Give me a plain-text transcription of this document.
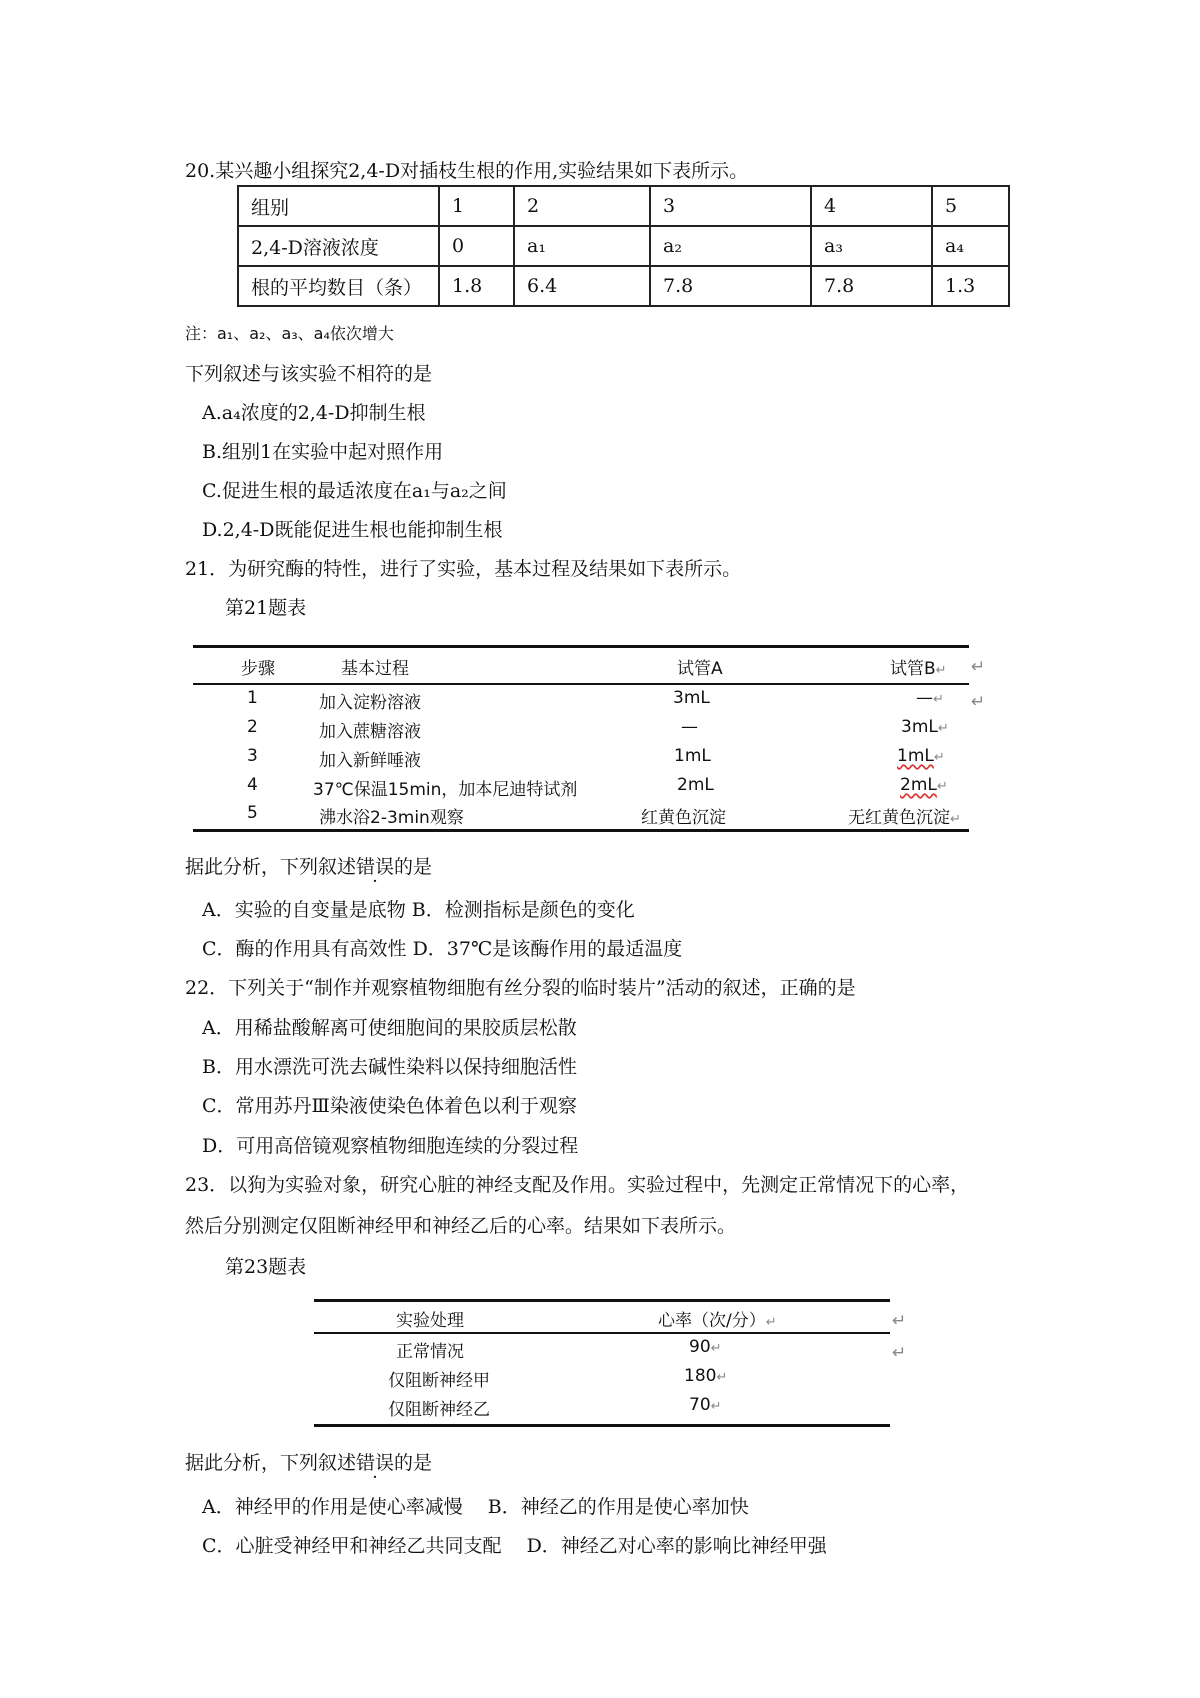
20.某兴趣小组探究2,4-D对插枝生根的作用,实验结果如下表所示。
组别	1	2	3	4	5
2,4-D溶液浓度	0	a₁	a₂	a₃	a₄
根的平均数目（条）	1.8	6.4	7.8	7.8	1.3
注：a₁、a₂、a₃、a₄依次增大
下列叙述与该实验不相符的是
A.a₄浓度的2,4-D抑制生根
B.组别1在实验中起对照作用
C.促进生根的最适浓度在a₁与a₂之间
D.2,4-D既能促进生根也能抑制生根
21．为研究酶的特性，进行了实验，基本过程及结果如下表所示。
第21题表
步骤	基本过程	试管A	试管B↵ ↵
1	加入淀粉溶液	3mL	—↵ ↵
2	加入蔗糖溶液	—	3mL↵
3	加入新鲜唾液	1mL	1mL↵
4	37℃保温15min，加本尼迪特试剂	2mL	2mL↵
5	沸水浴2-3min观察	红黄色沉淀	无红黄色沉淀↵
据此分析，下列叙述错误的是
A．实验的自变量是底物 B．检测指标是颜色的变化
C．酶的作用具有高效性 D．37℃是该酶作用的最适温度
22．下列关于“制作并观察植物细胞有丝分裂的临时装片”活动的叙述，正确的是
A．用稀盐酸解离可使细胞间的果胶质层松散
B．用水漂洗可洗去碱性染料以保持细胞活性
C．常用苏丹Ⅲ染液使染色体着色以利于观察
D．可用高倍镜观察植物细胞连续的分裂过程
23．以狗为实验对象，研究心脏的神经支配及作用。实验过程中，先测定正常情况下的心率，
然后分别测定仅阻断神经甲和神经乙后的心率。结果如下表所示。
第23题表
实验处理	心率（次/分）↵	↵
正常情况	90↵	↵
仅阻断神经甲	180↵
仅阻断神经乙	70↵
据此分析，下列叙述错误的是
A．神经甲的作用是使心率减慢　 B．神经乙的作用是使心率加快
C．心脏受神经甲和神经乙共同支配　 D．神经乙对心率的影响比神经甲强
